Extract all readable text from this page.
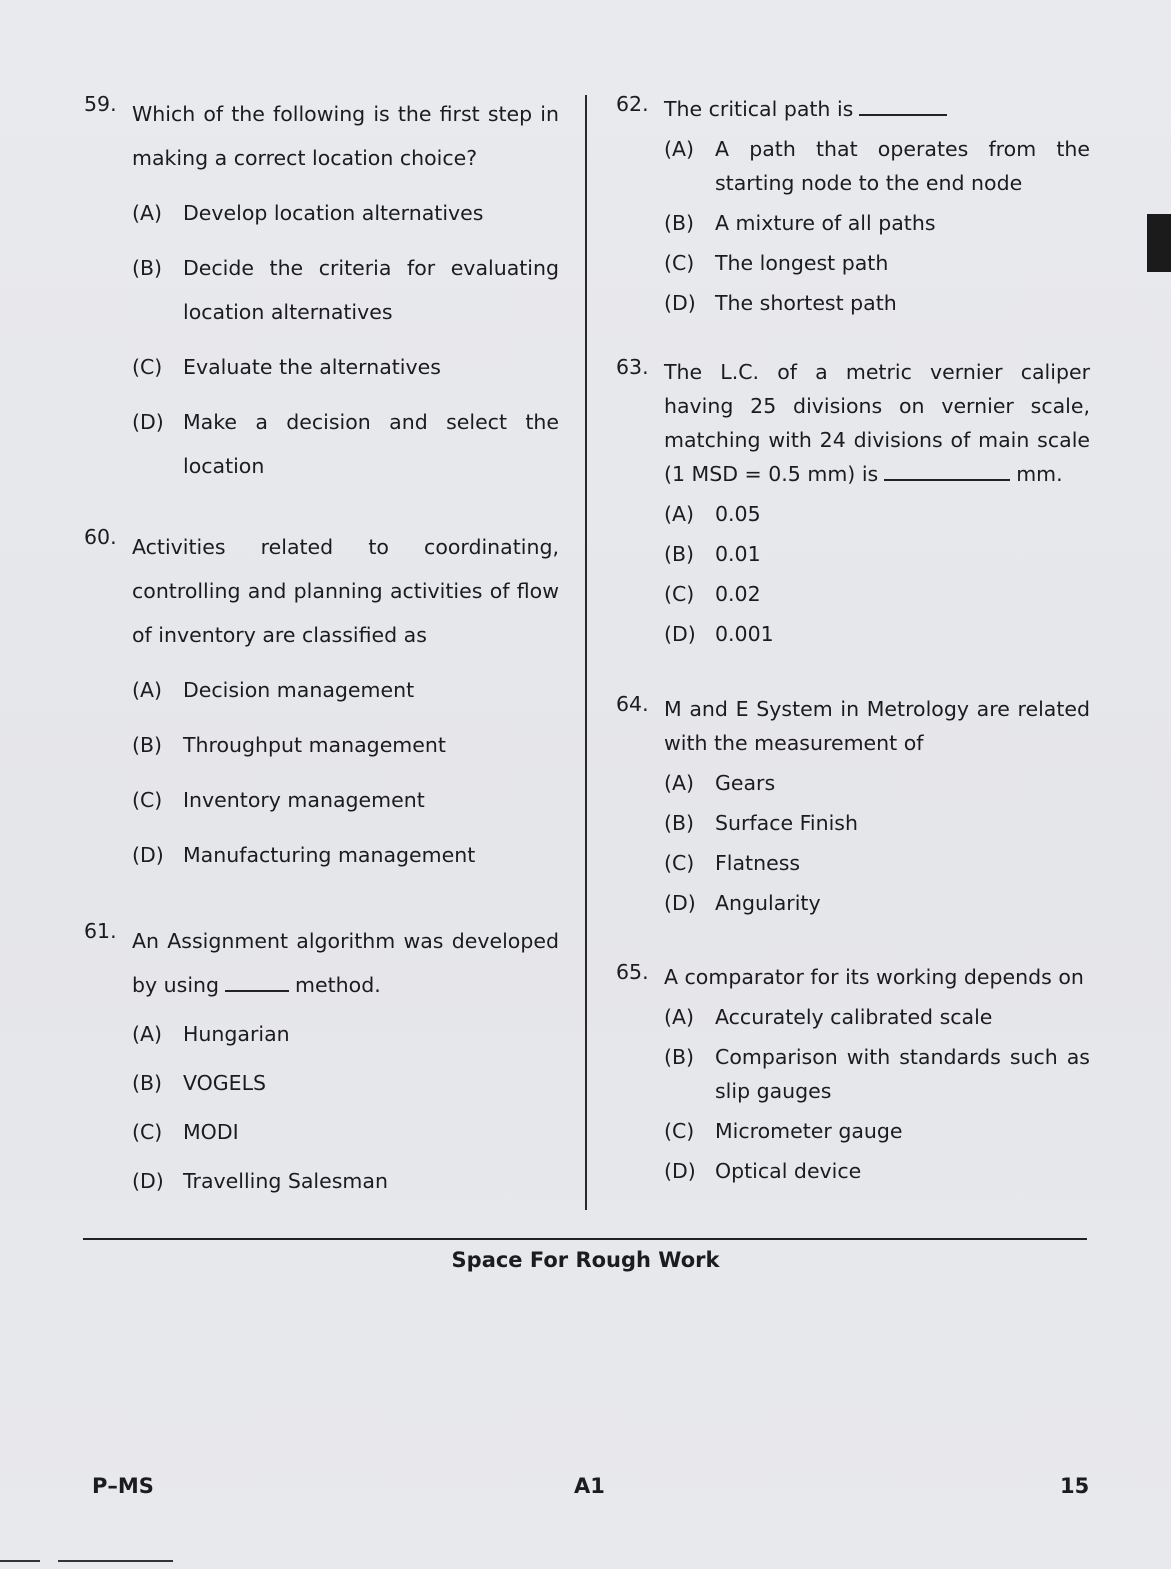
59. Which of the following is the first step in making a correct location choice?
(A)	Develop location alternatives
(B)	Decide the criteria for evaluating location alternatives
(C)	Evaluate the alternatives
(D) Make a decision and select the location
60. Activities related to coordinating, controlling and planning activities of flow of inventory are classified as
(A)	Decision management
(B)	Throughput management
(C)	Inventory management
(D) Manufacturing management
61. An Assignment algorithm was developed by using	method.
(A)	Hungarian
(B)	VOGELS
(C)	MODI
(D) Travelling Salesman
62. The critical path is
(A)	A path that operates from the starting node to the end node
(B)	A mixture of all paths
(C)	The longest path
(D) The shortest path
63. The L.C. of a metric vernier caliper having 25 divisions on vernier scale, matching with 24 divisions of main scale (1 MSD = 0.5 mm) is	mm.
(A)	0.05
(B)	0.01
(C)	0.02
(D) 0.001
64. M and E System in Metrology are related with the measurement of
(A)	Gears
(B)	Surface Finish
(C)	Flatness
(D) Angularity
65. A comparator for its working depends on
(A)	Accurately calibrated scale
(B)	Comparison with standards such as slip gauges
(C)	Micrometer gauge
(D) Optical device
Space For Rough Work
P–MS	A1	15
